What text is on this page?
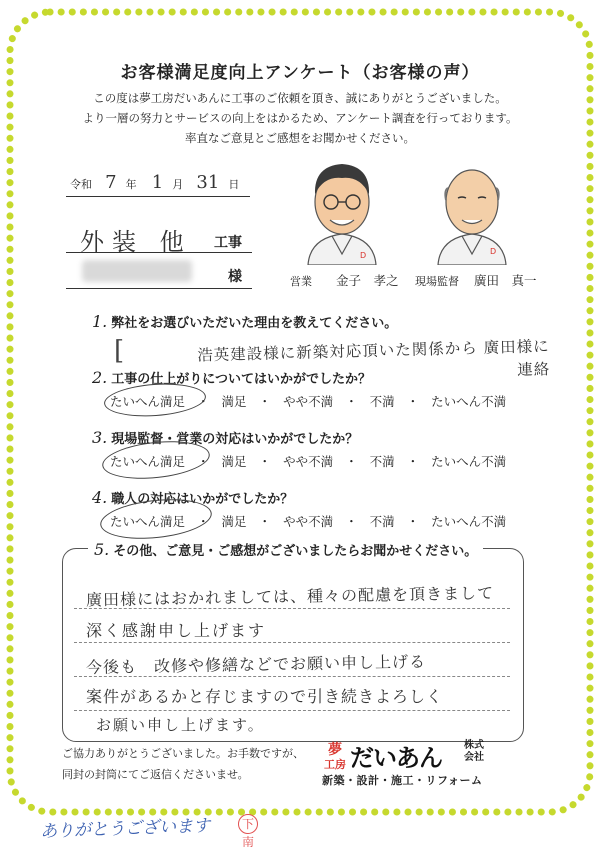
お客様満足度向上アンケート（お客様の声）
この度は夢工房だいあんに工事のご依頼を頂き、誠にありがとうございました。
より一層の努力とサービスの向上をはかるため、アンケート調査を行っております。
率直なご意見とご感想をお聞かせください。
令和 7 年 1 月 31 日
外装 他 工事
様
D	D
営業 金子　孝之 現場監督 廣田　真一
1. 弊社をお選びいただいた理由を教えてください。
[	浩英建設様に新築対応頂いた関係から 廣田様に連絡
2. 工事の仕上がりについてはいかがでしたか？
たいへん満足 ・ 満足 ・ やや不満 ・ 不満 ・ たいへん不満
3. 現場監督・営業の対応はいかがでしたか？
たいへん満足 ・ 満足 ・ やや不満 ・ 不満 ・ たいへん不満
4. 職人の対応はいかがでしたか？
たいへん満足 ・ 満足 ・ やや不満 ・ 不満 ・ たいへん不満
5. その他、ご意見・ご感想がございましたらお聞かせください。
廣田様にはおかれましては、種々の配慮を頂きまして
深く感謝申し上げます
今後も　改修や修繕などでお願い申し上げる
案件があるかと存じますので引き続きよろしく
お願い申し上げます。
ご協力ありがとうございました。お手数ですが、
同封の封筒にてご返信くださいませ。
夢
工房 だいあん 株式
会社
新築・設計・施工・リフォーム
ありがとうございます	下南
